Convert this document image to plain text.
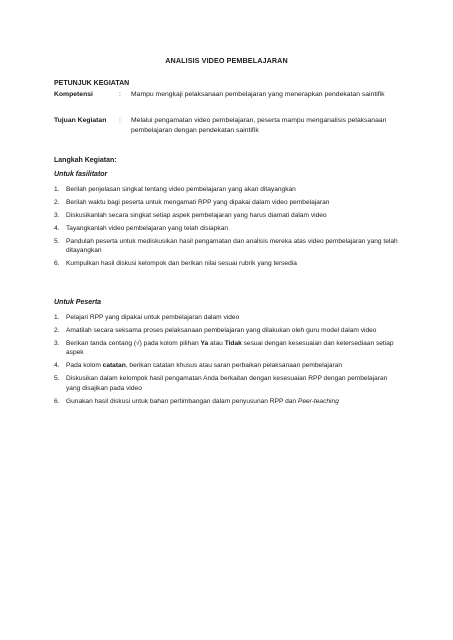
ANALISIS VIDEO PEMBELAJARAN
PETUNJUK KEGIATAN
Kompetensi	: Mampu mengkaji pelaksanaan pembelajaran yang menerapkan pendekatan saintifik
Tujuan Kegiatan	: Melalui pengamatan video pembelajaran, peserta mampu menganalisis pelaksanaan pembelajaran dengan pendekatan saintifik
Langkah Kegiatan:
Untuk fasilitator
1. Berilah penjelasan singkat tentang video pembelajaran yang akan ditayangkan
2. Berilah waktu bagi peserta untuk mengamati RPP yang dipakai dalam video pembelajaran
3. Diskusikanlah secara singkat setiap aspek pembelajaran yang harus diamati dalam video
4. Tayangkanlah video pembelajaran yang telah disiapkan
5. Pandulah peserta untuk mediskusikan hasil pengamatan dan analisis mereka atas video pembelajaran yang telah ditayangkan
6. Kumpulkan hasil diskusi kelompok dan berikan nilai sesuai rubrik yang tersedia
Untuk Peserta
1. Pelajari RPP yang dipakai untuk pembelajaran dalam video
2. Amatilah secara seksama proses pelaksanaan pembelajaran yang dilakukan oleh guru model dalam video
3. Berikan tanda centang (√) pada kolom pilihan Ya atau Tidak sesuai dengan kesesuaian dan ketersediaan setiap aspek
4. Pada kolom catatan, berikan catatan khusus atau saran perbaikan pelaksanaan pembelajaran
5. Diskusikan dalam kelompok hasil pengamatan Anda berkaitan dengan kesesuaian RPP dengan pembelajaran yang disajikan pada video
6. Gunakan hasil diskusi untuk bahan pertimbangan dalam penyusunan RPP dan Peer-teaching
